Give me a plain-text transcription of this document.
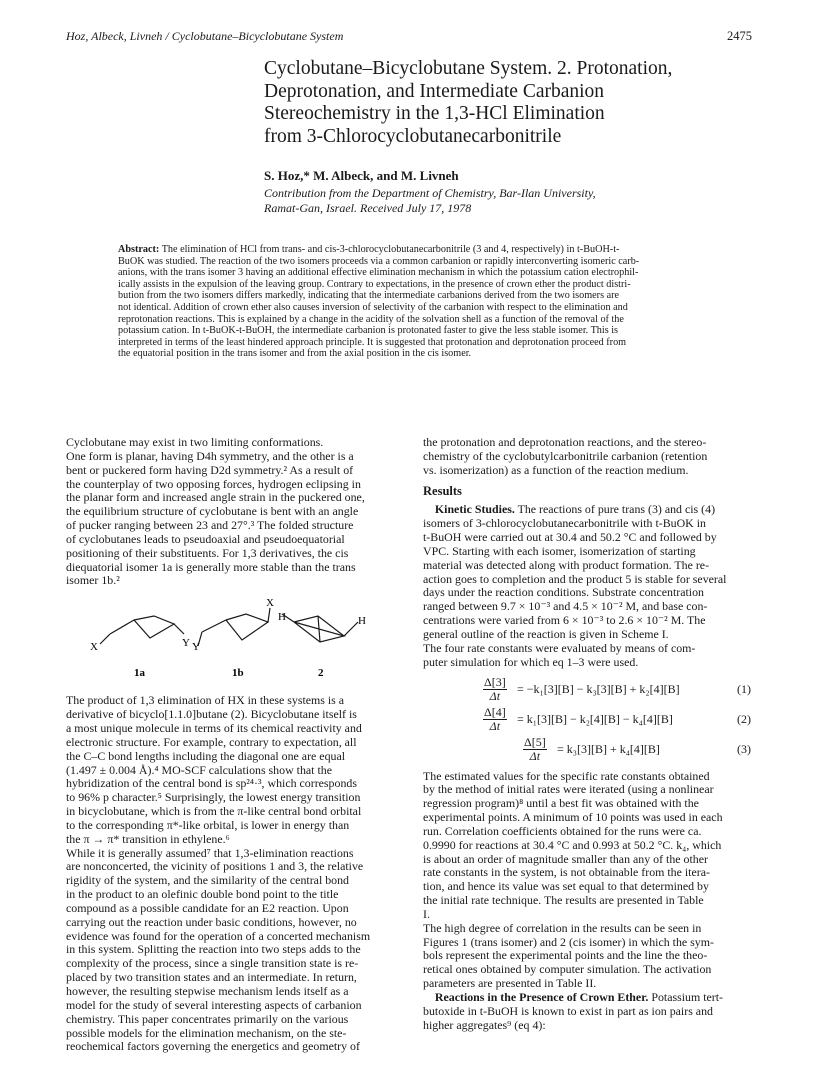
Hoz, Albeck, Livneh / Cyclobutane–Bicyclobutane System	2475
Cyclobutane–Bicyclobutane System. 2. Protonation,
Deprotonation, and Intermediate Carbanion
Stereochemistry in the 1,3-HCl Elimination
from 3-Chlorocyclobutanecarbonitrile
S. Hoz,* M. Albeck, and M. Livneh
Contribution from the Department of Chemistry, Bar-Ilan University,
Ramat-Gan, Israel. Received July 17, 1978
Abstract: The elimination of HCl from trans- and cis-3-chlorocyclobutanecarbonitrile (3 and 4, respectively) in t-BuOH-t-
BuOK was studied. The reaction of the two isomers proceeds via a common carbanion or rapidly interconverting isomeric carb-
anions, with the trans isomer 3 having an additional effective elimination mechanism in which the potassium cation electrophil-
ically assists in the expulsion of the leaving group. Contrary to expectations, in the presence of crown ether the product distri-
bution from the two isomers differs markedly, indicating that the intermediate carbanions derived from the two isomers are
not identical. Addition of crown ether also causes inversion of selectivity of the carbanion with respect to the elimination and
reprotonation reactions. This is explained by a change in the acidity of the solvation shell as a function of the removal of the
potassium cation. In t-BuOK-t-BuOH, the intermediate carbanion is protonated faster to give the less stable isomer. This is
interpreted in terms of the least hindered approach principle. It is suggested that protonation and deprotonation proceed from
the equatorial position in the trans isomer and from the axial position in the cis isomer.
Cyclobutane may exist in two limiting conformations.
One form is planar, having D4h symmetry, and the other is a
bent or puckered form having D2d symmetry.² As a result of
the counterplay of two opposing forces, hydrogen eclipsing in
the planar form and increased angle strain in the puckered one,
the equilibrium structure of cyclobutane is bent with an angle
of pucker ranging between 23 and 27°.³ The folded structure
of cyclobutanes leads to pseudoaxial and pseudoequatorial
positioning of their substituents. For 1,3 derivatives, the cis
diequatorial isomer 1a is generally more stable than the trans
isomer 1b.²
The product of 1,3 elimination of HX in these systems is a
derivative of bicyclo[1.1.0]butane (2). Bicyclobutane itself is
a most unique molecule in terms of its chemical reactivity and
electronic structure. For example, contrary to expectation, all
the C–C bond lengths including the diagonal one are equal
(1.497 ± 0.004 Å).⁴ MO-SCF calculations show that the
hybridization of the central bond is sp²⁴·³, which corresponds
to 96% p character.⁵ Surprisingly, the lowest energy transition
in bicyclobutane, which is from the π-like central bond orbital
to the corresponding π*-like orbital, is lower in energy than
the π → π* transition in ethylene.⁶
While it is generally assumed⁷ that 1,3-elimination reactions
are nonconcerted, the vicinity of positions 1 and 3, the relative
rigidity of the system, and the similarity of the central bond
in the product to an olefinic double bond point to the title
compound as a possible candidate for an E2 reaction. Upon
carrying out the reaction under basic conditions, however, no
evidence was found for the operation of a concerted mechanism
in this system. Splitting the reaction into two steps adds to the
complexity of the process, since a single transition state is re-
placed by two transition states and an intermediate. In return,
however, the resulting stepwise mechanism lends itself as a
model for the study of several interesting aspects of carbanion
chemistry. This paper concentrates primarily on the various
possible models for the elimination mechanism, on the ste-
reochemical factors governing the energetics and geometry of
X	Y Y
X
H	H
1a	1b	2
the protonation and deprotonation reactions, and the stereo-
chemistry of the cyclobutylcarbonitrile carbanion (retention
vs. isomerization) as a function of the reaction medium.
Results
Kinetic Studies. The reactions of pure trans (3) and cis (4)
isomers of 3-chlorocyclobutanecarbonitrile with t-BuOK in
t-BuOH were carried out at 30.4 and 50.2 °C and followed by
VPC. Starting with each isomer, isomerization of starting
material was detected along with product formation. The re-
action goes to completion and the product 5 is stable for several
days under the reaction conditions. Substrate concentration
ranged between 9.7 × 10⁻³ and 4.5 × 10⁻² M, and base con-
centrations were varied from 6 × 10⁻³ to 2.6 × 10⁻² M. The
general outline of the reaction is given in Scheme I.
The four rate constants were evaluated by means of com-
puter simulation for which eq 1–3 were used.
$\frac{\Delta[3]}{\Delta t} = -k_1[3][B] - k_3[3][B] + k_2[4][B]$	(1)
$\frac{\Delta[4]}{\Delta t} = k_1[3][B] - k_2[4][B] - k_4[4][B]$	(2)
$\frac{\Delta[5]}{\Delta t} = k_3[3][B] + k_4[4][B]$	(3)
The estimated values for the specific rate constants obtained
by the method of initial rates were iterated (using a nonlinear
regression program)⁸ until a best fit was obtained with the
experimental points. A minimum of 10 points was used in each
run. Correlation coefficients obtained for the runs were ca.
0.9990 for reactions at 30.4 °C and 0.993 at 50.2 °C. k₄, which
is about an order of magnitude smaller than any of the other
rate constants in the system, is not obtainable from the itera-
tion, and hence its value was set equal to that determined by
the initial rate technique. The results are presented in Table
I.
The high degree of correlation in the results can be seen in
Figures 1 (trans isomer) and 2 (cis isomer) in which the sym-
bols represent the experimental points and the line the theo-
retical ones obtained by computer simulation. The activation
parameters are presented in Table II.
Reactions in the Presence of Crown Ether. Potassium tert-
butoxide in t-BuOH is known to exist in part as ion pairs and
higher aggregates⁹ (eq 4):
